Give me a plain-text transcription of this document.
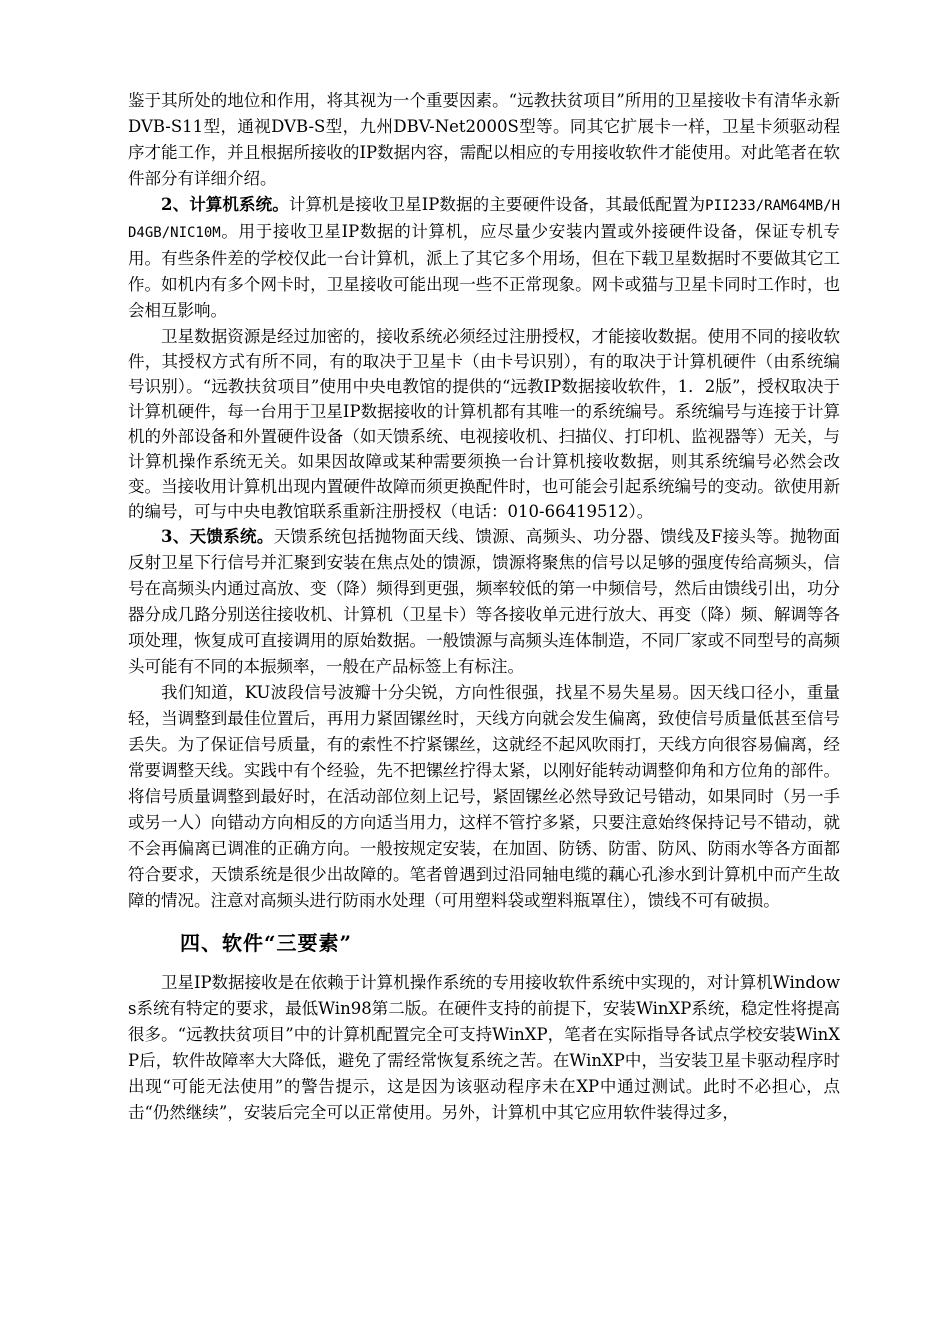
鉴于其所处的地位和作用，将其视为一个重要因素。“远教扶贫项目”所用的卫星接收卡有清华永新DVB-S11型，通视DVB-S型，九州DBV-Net2000S型等。同其它扩展卡一样，卫星卡须驱动程序才能工作，并且根据所接收的IP数据内容，需配以相应的专用接收软件才能使用。对此笔者在软件部分有详细介绍。

2、计算机系统。计算机是接收卫星IP数据的主要硬件设备，其最低配置为PII233/RAM64MB/HD4GB/NIC10M。用于接收卫星IP数据的计算机，应尽量少安装内置或外接硬件设备，保证专机专用。有些条件差的学校仅此一台计算机，派上了其它多个用场，但在下载卫星数据时不要做其它工作。如机内有多个网卡时，卫星接收可能出现一些不正常现象。网卡或猫与卫星卡同时工作时，也会相互影响。

卫星数据资源是经过加密的，接收系统必须经过注册授权，才能接收数据。使用不同的接收软件，其授权方式有所不同，有的取决于卫星卡（由卡号识别），有的取决于计算机硬件（由系统编号识别）。“远教扶贫项目”使用中央电教馆的提供的“远教IP数据接收软件，1．2版”，授权取决于计算机硬件，每一台用于卫星IP数据接收的计算机都有其唯一的系统编号。系统编号与连接于计算机的外部设备和外置硬件设备（如天馈系统、电视接收机、扫描仪、打印机、监视器等）无关，与计算机操作系统无关。如果因故障或某种需要须换一台计算机接收数据，则其系统编号必然会改变。当接收用计算机出现内置硬件故障而须更换配件时，也可能会引起系统编号的变动。欲使用新的编号，可与中央电教馆联系重新注册授权（电话：010-66419512）。

3、天馈系统。天馈系统包括抛物面天线、馈源、高频头、功分器、馈线及F接头等。抛物面反射卫星下行信号并汇聚到安装在焦点处的馈源，馈源将聚焦的信号以足够的强度传给高频头，信号在高频头内通过高放、变（降）频得到更强，频率较低的第一中频信号，然后由馈线引出，功分器分成几路分别送往接收机、计算机（卫星卡）等各接收单元进行放大、再变（降）频、解调等各项处理，恢复成可直接调用的原始数据。一般馈源与高频头连体制造，不同厂家或不同型号的高频头可能有不同的本振频率，一般在产品标签上有标注。

我们知道，KU波段信号波瓣十分尖锐，方向性很强，找星不易失星易。因天线口径小，重量轻，当调整到最佳位置后，再用力紧固镙丝时，天线方向就会发生偏离，致使信号质量低甚至信号丢失。为了保证信号质量，有的索性不拧紧镙丝，这就经不起风吹雨打，天线方向很容易偏离，经常要调整天线。实践中有个经验，先不把镙丝拧得太紧，以刚好能转动调整仰角和方位角的部件。将信号质量调整到最好时，在活动部位刻上记号，紧固镙丝必然导致记号错动，如果同时（另一手或另一人）向错动方向相反的方向适当用力，这样不管拧多紧，只要注意始终保持记号不错动，就不会再偏离已调准的正确方向。一般按规定安装，在加固、防锈、防雷、防风、防雨水等各方面都符合要求，天馈系统是很少出故障的。笔者曾遇到过沿同轴电缆的藕心孔渗水到计算机中而产生故障的情况。注意对高频头进行防雨水处理（可用塑料袋或塑料瓶罩住），馈线不可有破损。

四、软件“三要素”

卫星IP数据接收是在依赖于计算机操作系统的专用接收软件系统中实现的，对计算机Windows系统有特定的要求，最低Win98第二版。在硬件支持的前提下，安装WinXP系统，稳定性将提高很多。“远教扶贫项目”中的计算机配置完全可支持WinXP，笔者在实际指导各试点学校安装WinXP后，软件故障率大大降低，避免了需经常恢复系统之苦。在WinXP中，当安装卫星卡驱动程序时出现“可能无法使用”的警告提示，这是因为该驱动程序未在XP中通过测试。此时不必担心，点击“仍然继续”，安装后完全可以正常使用。另外，计算机中其它应用软件装得过多，
